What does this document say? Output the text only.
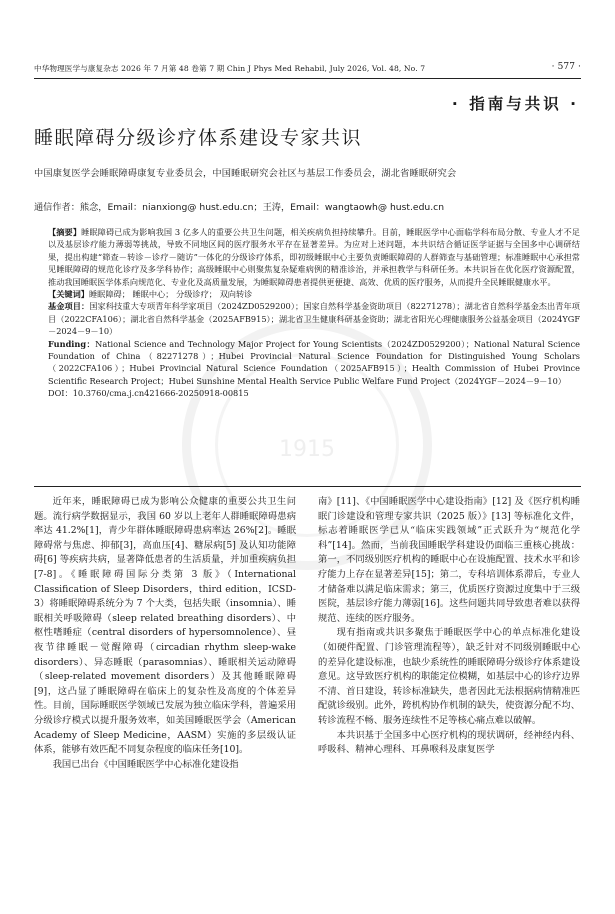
中华物理医学与康复杂志 2026 年 7 月第 48 卷第 7 期 Chin J Phys Med Rehabil, July 2026, Vol. 48, No. 7	· 577 ·
· 指南与共识 ·
睡眠障碍分级诊疗体系建设专家共识
中国康复医学会睡眠障碍康复专业委员会，中国睡眠研究会社区与基层工作委员会，湖北省睡眠研究会
通信作者：熊念，Email：nianxiong@ hust.edu.cn；王涛，Email：wangtaowh@ hust.edu.cn
1915

【摘要】睡眠障碍已成为影响我国 3 亿多人的重要公共卫生问题，相关疾病负担持续攀升。目前，睡眠医学中心面临学科布局分散、专业人才不足以及基层诊疗能力薄弱等挑战，导致不同地区间的医疗服务水平存在显著差异。为应对上述问题，本共识结合循证医学证据与全国多中心调研结果，提出构建“筛查－转诊－诊疗－随访”一体化的分级诊疗体系，即初级睡眠中心主要负责睡眠障碍的人群筛查与基础管理；标准睡眠中心承担常见睡眠障碍的规范化诊疗及多学科协作；高级睡眠中心则聚焦复杂疑难病例的精准诊治，并承担教学与科研任务。本共识旨在优化医疗资源配置，推动我国睡眠医学体系向规范化、专业化及高质量发展，为睡眠障碍患者提供更便捷、高效、优质的医疗服务，从而提升全民睡眠健康水平。

【关键词】睡眠障碍； 睡眠中心； 分级诊疗； 双向转诊

基金项目：国家科技重大专项青年科学家项目（2024ZD0529200）；国家自然科学基金资助项目（82271278）；湖北省自然科学基金杰出青年项目（2022CFA106）；湖北省自然科学基金（2025AFB915）；湖北省卫生健康科研基金资助；湖北省阳光心理健康服务公益基金项目（2024YGF－2024－9－10）

Funding：National Science and Technology Major Project for Young Scientists（2024ZD0529200）；National Natural Science Foundation of China（82271278）；Hubei Provincial Natural Science Foundation for Distinguished Young Scholars（2022CFA106）；Hubei Provincial Natural Science Foundation（2025AFB915）；Health Commission of Hubei Province Scientific Research Project；Hubei Sunshine Mental Health Service Public Welfare Fund Project（2024YGF－2024－9－10）

DOI：10.3760/cma.j.cn421666-20250918-00815

近年来，睡眠障碍已成为影响公众健康的重要公共卫生问题。流行病学数据显示，我国 60 岁以上老年人群睡眠障碍患病率达 41.2%[1]，青少年群体睡眠障碍患病率达 26%[2]。睡眠障碍常与焦虑、抑郁[3]，高血压[4]、糖尿病[5] 及认知功能障碍[6] 等疾病共病，显著降低患者的生活质量，并加重疾病负担[7-8]。《睡眠障碍国际分类第 3 版》（International Classification of Sleep Disorders，third edition，ICSD-3）将睡眠障碍系统分为 7 个大类，包括失眠（insomnia）、睡眠相关呼吸障碍（sleep related breathing disorders）、中枢性嗜睡症（central disorders of hypersomnolence）、昼夜节律睡眠－觉醒障碍（circadian rhythm sleep-wake disorders）、异态睡眠（parasomnias）、睡眠相关运动障碍（sleep-related movement disorders）及其他睡眠障碍[9]，这凸显了睡眠障碍在临床上的复杂性及高度的个体差异性。目前，国际睡眠医学领域已发展为独立临床学科，普遍采用分级诊疗模式以提升服务效率，如美国睡眠医学会（American Academy of Sleep Medicine，AASM）实施的多层级认证体系，能够有效匹配不同复杂程度的临床任务[10]。

我国已出台《中国睡眠医学中心标准化建设指

南》[11]、《中国睡眠医学中心建设指南》[12] 及《医疗机构睡眠门诊建设和管理专家共识（2025 版）》[13] 等标准化文件，标志着睡眠医学已从“临床实践领域”正式跃升为“规范化学科”[14]。然而，当前我国睡眠学科建设仍面临三重核心挑战：第一，不同级别医疗机构的睡眠中心在设施配置、技术水平和诊疗能力上存在显著差异[15]；第二，专科培训体系滞后，专业人才储备难以满足临床需求；第三，优质医疗资源过度集中于三级医院，基层诊疗能力薄弱[16]。这些问题共同导致患者难以获得规范、连续的医疗服务。

现有指南或共识多聚焦于睡眠医学中心的单点标准化建设（如硬件配置、门诊管理流程等），缺乏针对不同级别睡眠中心的差异化建设标准，也缺少系统性的睡眠障碍分级诊疗体系建设意见。这导致医疗机构的职能定位模糊，如基层中心的诊疗边界不清、首日建设，转诊标准缺失，患者因此无法根据病情精准匹配就诊级别。此外，跨机构协作机制的缺失，使资源分配不均、转诊流程不畅、服务连续性不足等核心痛点难以破解。

本共识基于全国多中心医疗机构的现状调研，经神经内科、呼吸科、精神心理科、耳鼻喉科及康复医学
